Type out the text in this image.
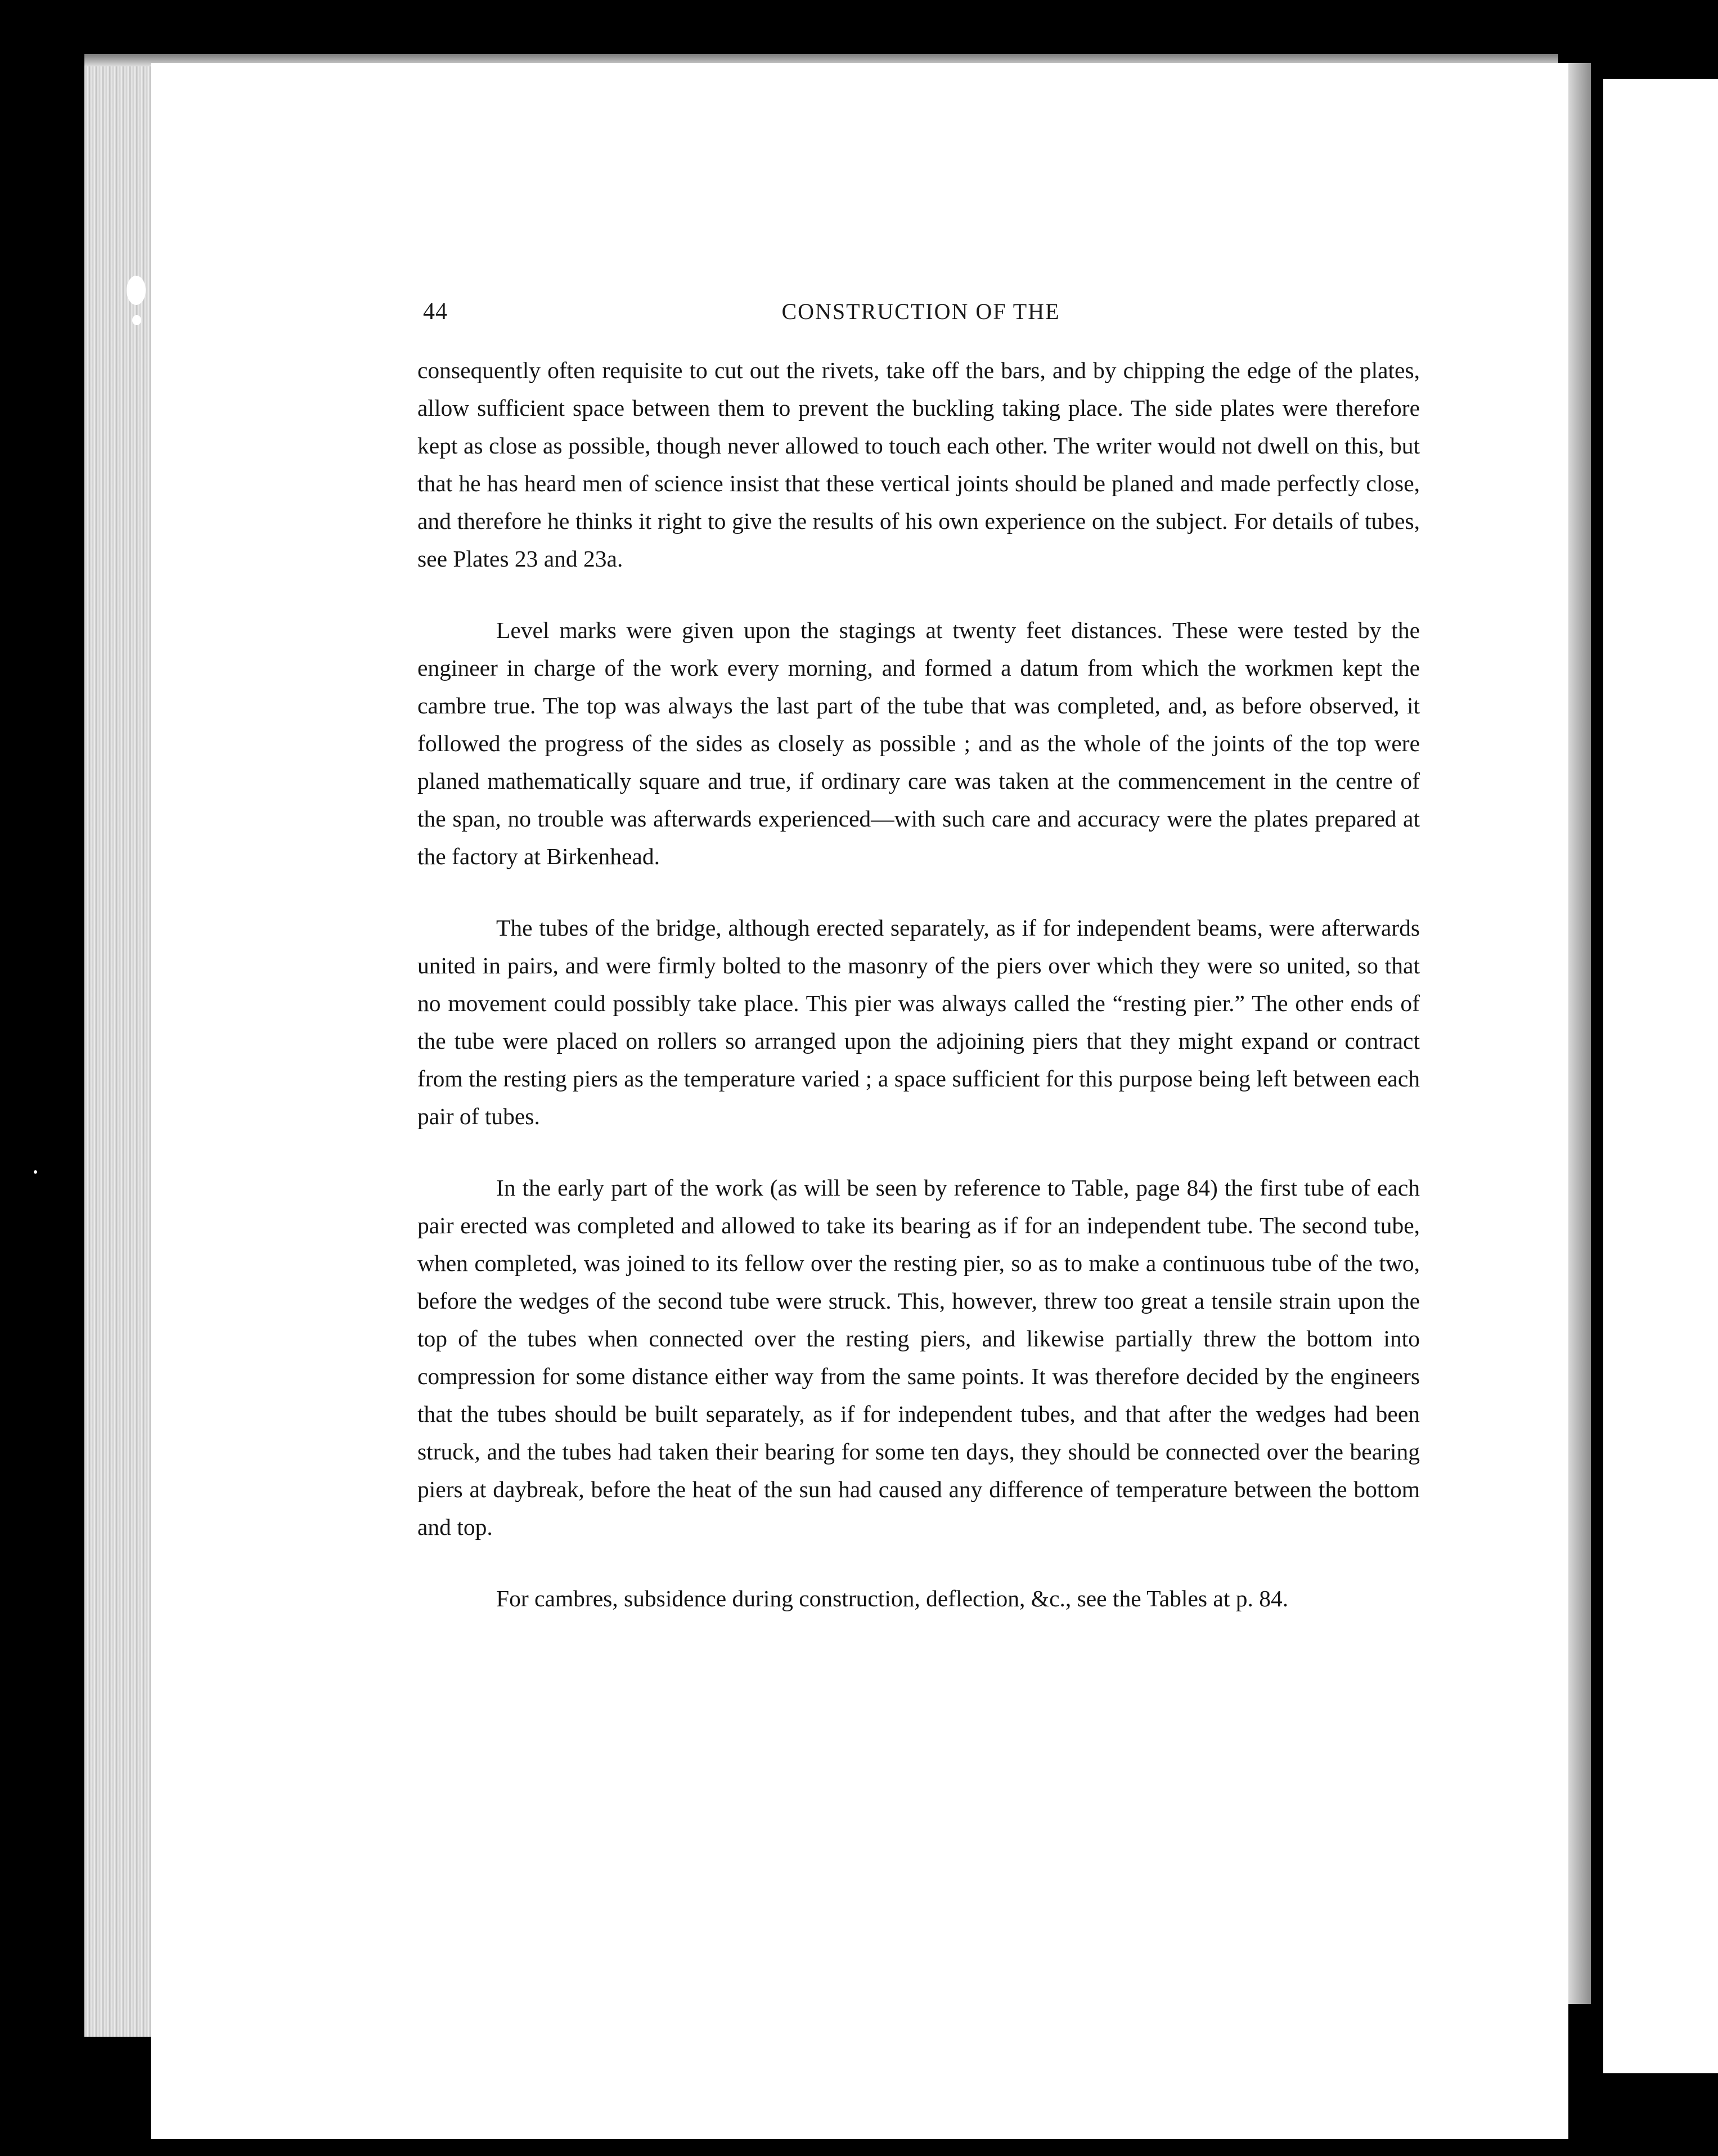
44	CONSTRUCTION OF THE

consequently often requisite to cut out the rivets, take off the bars, and by chipping the edge of the plates, allow sufficient space between them to prevent the buckling taking place. The side plates were therefore kept as close as possible, though never allowed to touch each other. The writer would not dwell on this, but that he has heard men of science insist that these vertical joints should be planed and made perfectly close, and therefore he thinks it right to give the results of his own experience on the subject. For details of tubes, see Plates 23 and 23a.

Level marks were given upon the stagings at twenty feet distances. These were tested by the engineer in charge of the work every morning, and formed a datum from which the workmen kept the cambre true. The top was always the last part of the tube that was completed, and, as before observed, it followed the progress of the sides as closely as possible ; and as the whole of the joints of the top were planed mathematically square and true, if ordinary care was taken at the commencement in the centre of the span, no trouble was afterwards experienced—with such care and accuracy were the plates prepared at the factory at Birkenhead.

The tubes of the bridge, although erected separately, as if for independent beams, were afterwards united in pairs, and were firmly bolted to the masonry of the piers over which they were so united, so that no movement could possibly take place. This pier was always called the “resting pier.” The other ends of the tube were placed on rollers so arranged upon the adjoining piers that they might expand or contract from the resting piers as the temperature varied ; a space sufficient for this purpose being left between each pair of tubes.

In the early part of the work (as will be seen by reference to Table, page 84) the first tube of each pair erected was completed and allowed to take its bearing as if for an independent tube. The second tube, when completed, was joined to its fellow over the resting pier, so as to make a continuous tube of the two, before the wedges of the second tube were struck. This, however, threw too great a tensile strain upon the top of the tubes when connected over the resting piers, and likewise partially threw the bottom into compression for some distance either way from the same points. It was therefore decided by the engineers that the tubes should be built separately, as if for independent tubes, and that after the wedges had been struck, and the tubes had taken their bearing for some ten days, they should be connected over the bearing piers at daybreak, before the heat of the sun had caused any difference of temperature between the bottom and top.

For cambres, subsidence during construction, deflection, &c., see the Tables at p. 84.
